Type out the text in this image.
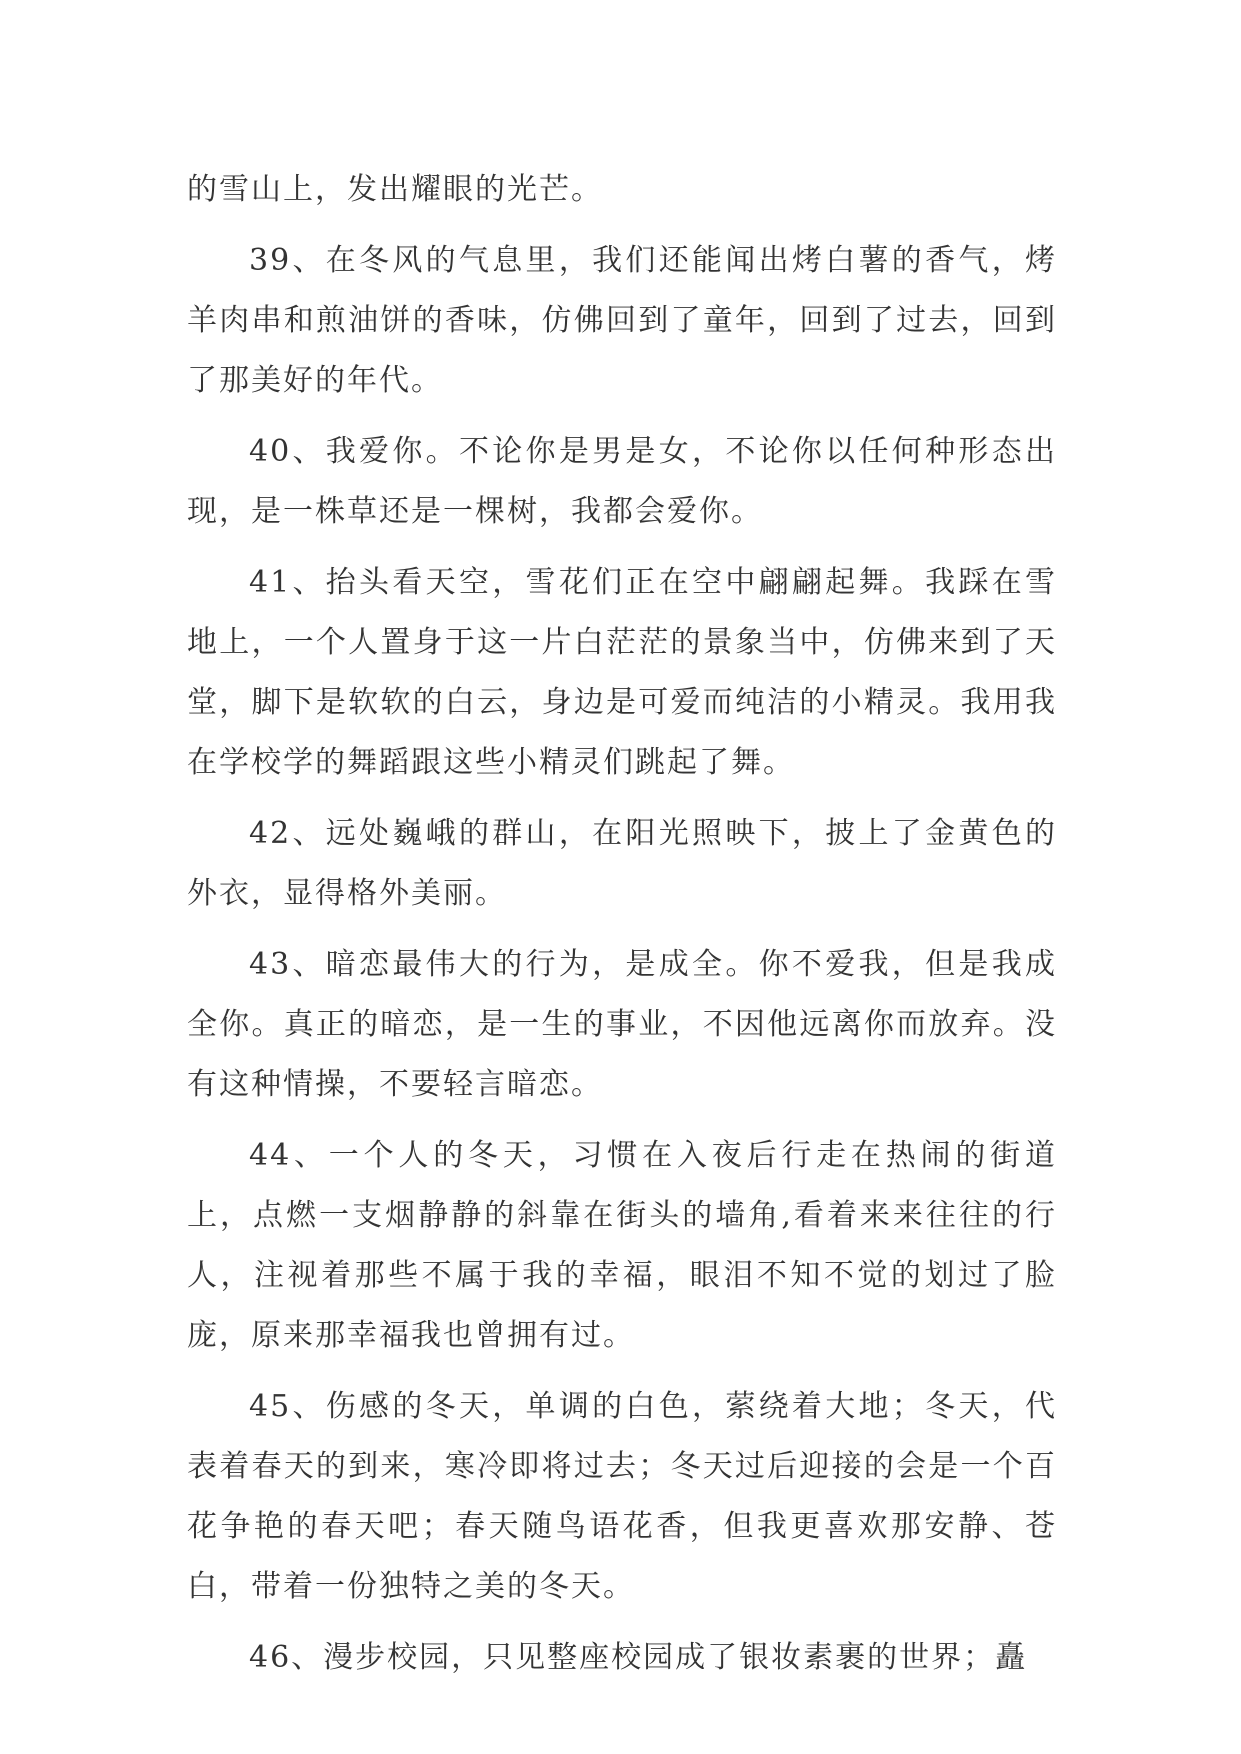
的雪山上，发出耀眼的光芒。

39、在冬风的气息里，我们还能闻出烤白薯的香气，烤羊肉串和煎油饼的香味，仿佛回到了童年，回到了过去，回到了那美好的年代。

40、我爱你。不论你是男是女，不论你以任何种形态出现，是一株草还是一棵树，我都会爱你。

41、抬头看天空，雪花们正在空中翩翩起舞。我踩在雪地上，一个人置身于这一片白茫茫的景象当中，仿佛来到了天堂，脚下是软软的白云，身边是可爱而纯洁的小精灵。我用我在学校学的舞蹈跟这些小精灵们跳起了舞。

42、远处巍峨的群山，在阳光照映下，披上了金黄色的外衣，显得格外美丽。

43、暗恋最伟大的行为，是成全。你不爱我，但是我成全你。真正的暗恋，是一生的事业，不因他远离你而放弃。没有这种情操，不要轻言暗恋。

44、一个人的冬天，习惯在入夜后行走在热闹的街道上，点燃一支烟静静的斜靠在街头的墙角,看着来来往往的行人，注视着那些不属于我的幸福，眼泪不知不觉的划过了脸庞，原来那幸福我也曾拥有过。

45、伤感的冬天，单调的白色，萦绕着大地；冬天，代表着春天的到来，寒冷即将过去；冬天过后迎接的会是一个百花争艳的春天吧；春天随鸟语花香，但我更喜欢那安静、苍白，带着一份独特之美的冬天。

46、漫步校园，只见整座校园成了银妆素裹的世界；矗
